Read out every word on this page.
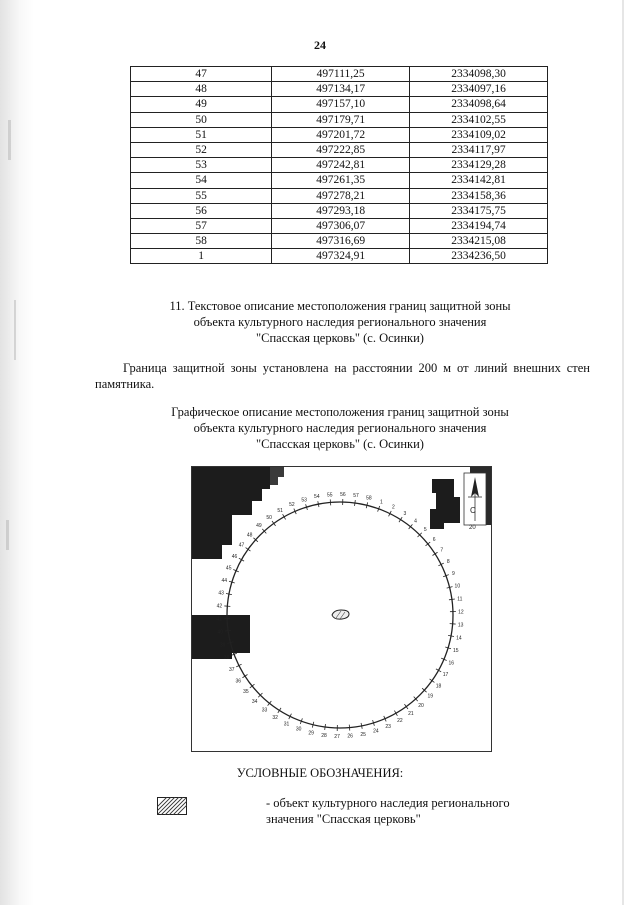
24
47	497111,25	2334098,30
48	497134,17	2334097,16
49	497157,10	2334098,64
50	497179,71	2334102,55
51	497201,72	2334109,02
52	497222,85	2334117,97
53	497242,81	2334129,28
54	497261,35	2334142,81
55	497278,21	2334158,36
56	497293,18	2334175,75
57	497306,07	2334194,74
58	497316,69	2334215,08
1	497324,91	2334236,50
11. Текстовое описание местоположения границ защитной зоны
объекта культурного наследия регионального значения
"Спасская церковь" (с. Осинки)
Граница защитной зоны установлена на расстоянии 200 м от линий внешних стен памятника.
Графическое описание местоположения границ защитной зоны
объекта культурного наследия регионального значения
"Спасская церковь" (с. Осинки)
С
20
1
2
3
4
5
6
7
8
9
10
11
12
13
14
15
16
17
18
19
20
21
22
23
24
25
26
27
28
29
30
31
32
33
34
35
36
37
38
39
40
41
42
43
44
45
46
47
48
49
50
51
52
53
54 55 56 57 58
УСЛОВНЫЕ ОБОЗНАЧЕНИЯ:
- объект культурного наследия регионального
значения "Спасская церковь"
